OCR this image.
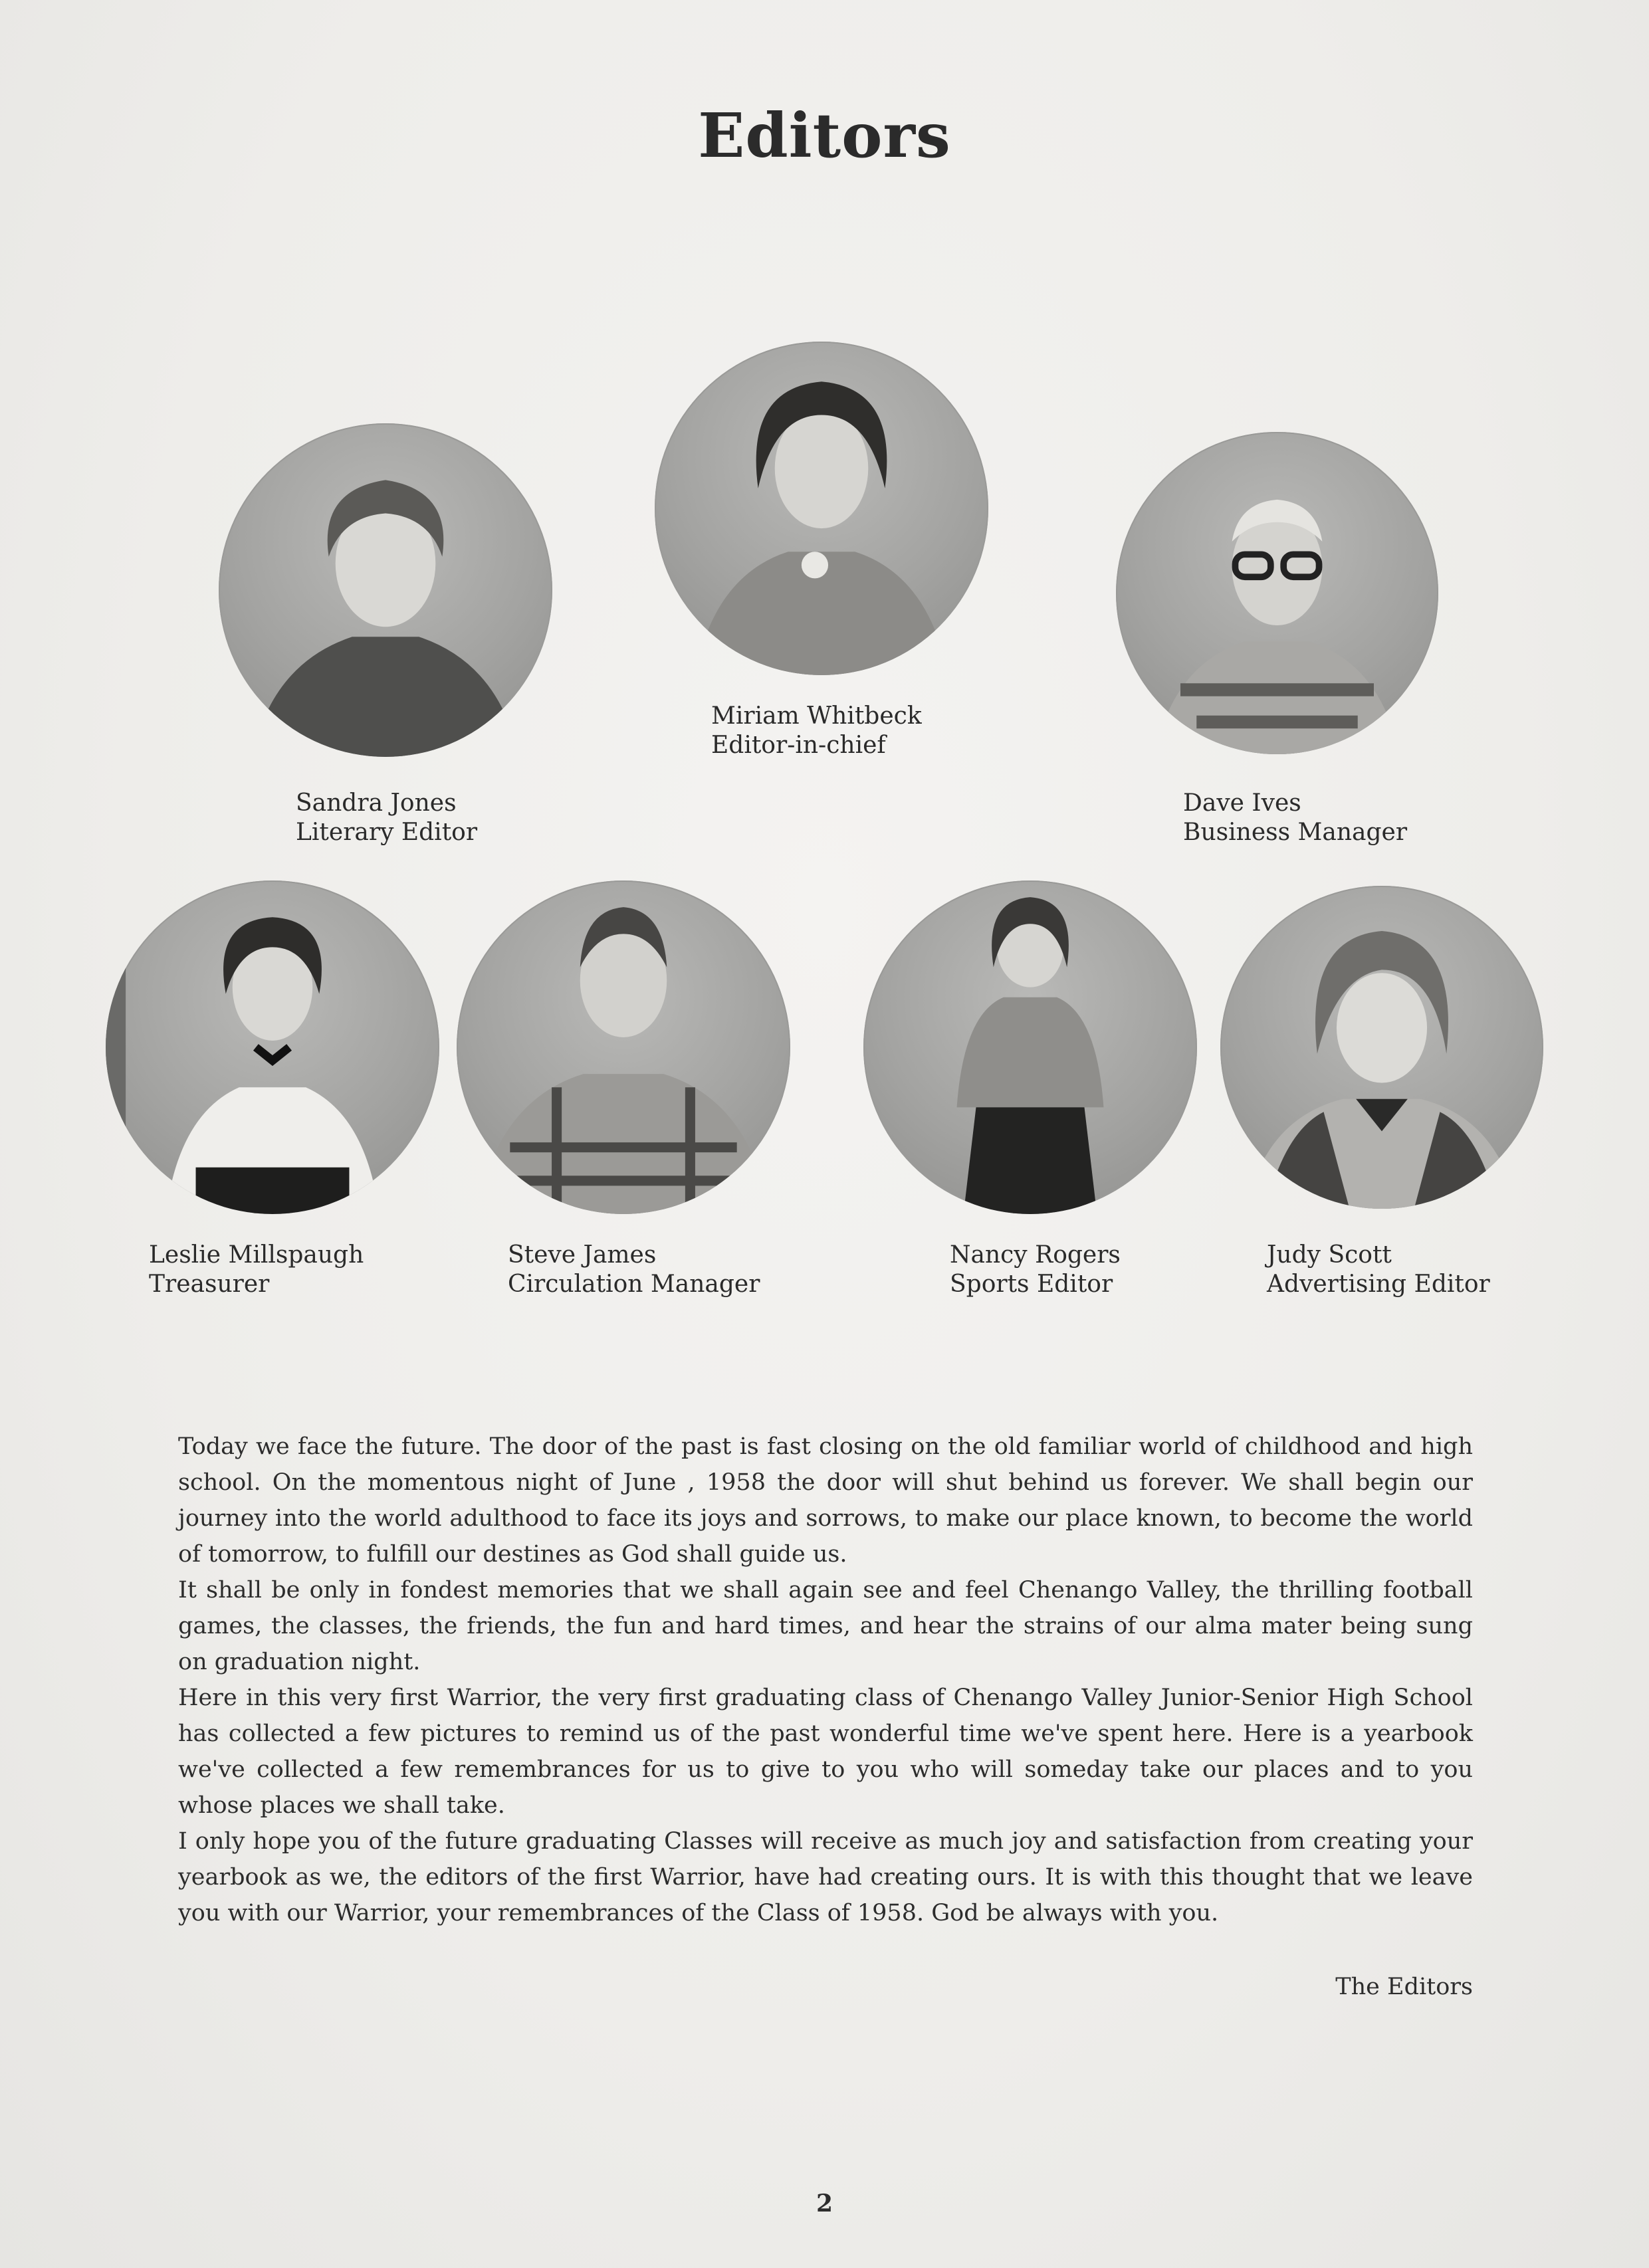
Editors
Miriam Whitbeck
Editor-in-chief
Sandra Jones
Literary Editor
Dave Ives
Business Manager
Leslie Millspaugh
Treasurer
Steve James
Circulation Manager
Nancy Rogers
Sports Editor
Judy Scott
Advertising Editor

Today we face the future. The door of the past is fast closing on the old familiar world of childhood and high school. On the momentous night of June , 1958 the door will shut behind us forever. We shall begin our journey into the world adulthood to face its joys and sorrows, to make our place known, to become the world of tomorrow, to fulfill our destines as God shall guide us.

It shall be only in fondest memories that we shall again see and feel Chenango Valley, the thrilling football games, the classes, the friends, the fun and hard times, and hear the strains of our alma mater being sung on graduation night.

Here in this very first Warrior, the very first graduating class of Chenango Valley Junior-Senior High School has collected a few pictures to remind us of the past wonderful time we've spent here. Here is a yearbook we've collected a few remembrances for us to give to you who will someday take our places and to you whose places we shall take.

I only hope you of the future graduating Classes will receive as much joy and satisfaction from creating your yearbook as we, the editors of the first Warrior, have had creating ours. It is with this thought that we leave you with our Warrior, your remembrances of the Class of 1958. God be always with you.

The Editors
2
